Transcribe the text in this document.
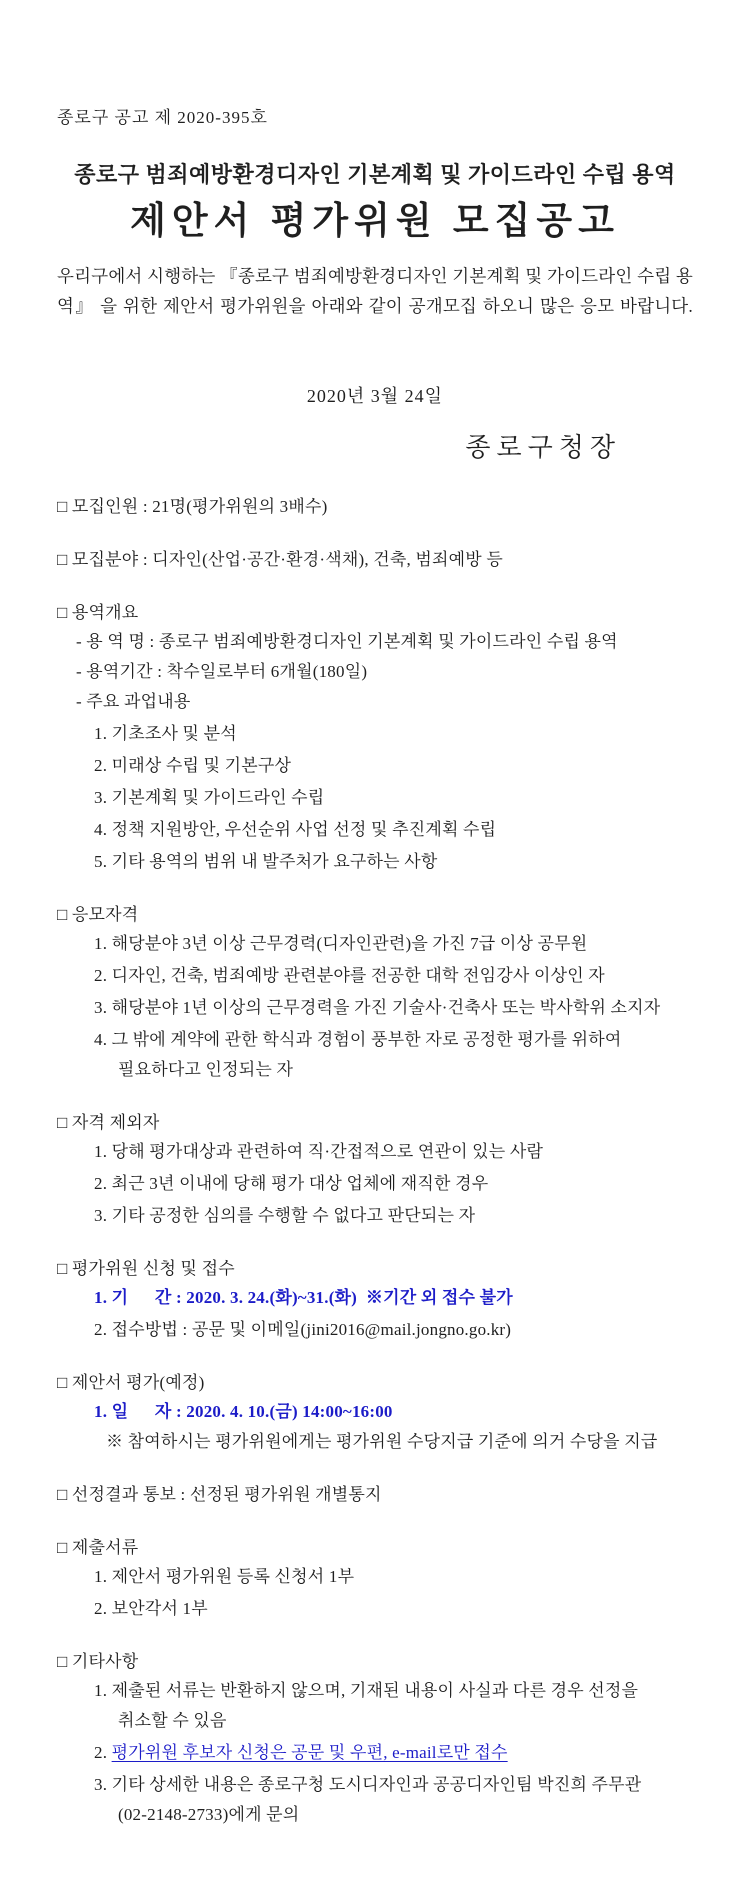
종로구 공고 제 2020-395호
종로구 범죄예방환경디자인 기본계획 및 가이드라인 수립 용역
제안서 평가위원 모집공고

우리구에서 시행하는 『종로구 범죄예방환경디자인 기본계획 및 가이드라인 수립 용역』 을 위한 제안서 평가위원을 아래와 같이 공개모집 하오니 많은 응모 바랍니다.

2020년 3월 24일
종로구청장
□ 모집인원 : 21명(평가위원의 3배수)
□ 모집분야 : 디자인(산업·공간·환경·색채), 건축, 범죄예방 등
□ 용역개요
- 용 역 명 : 종로구 범죄예방환경디자인 기본계획 및 가이드라인 수립 용역
- 용역기간 : 착수일로부터 6개월(180일)
- 주요 과업내용
1. 기초조사 및 분석
2. 미래상 수립 및 기본구상
3. 기본계획 및 가이드라인 수립
4. 정책 지원방안, 우선순위 사업 선정 및 추진계획 수립
5. 기타 용역의 범위 내 발주처가 요구하는 사항
□ 응모자격
1. 해당분야 3년 이상 근무경력(디자인관련)을 가진 7급 이상 공무원
2. 디자인, 건축, 범죄예방 관련분야를 전공한 대학 전임강사 이상인 자
3. 해당분야 1년 이상의 근무경력을 가진 기술사·건축사 또는 박사학위 소지자
4. 그 밖에 계약에 관한 학식과 경험이 풍부한 자로 공정한 평가를 위하여
필요하다고 인정되는 자
□ 자격 제외자
1. 당해 평가대상과 관련하여 직·간접적으로 연관이 있는 사람
2. 최근 3년 이내에 당해 평가 대상 업체에 재직한 경우
3. 기타 공정한 심의를 수행할 수 없다고 판단되는 자
□ 평가위원 신청 및 접수
1. 기      간 : 2020. 3. 24.(화)~31.(화)  ※기간 외 접수 불가
2. 접수방법 : 공문 및 이메일(jini2016@mail.jongno.go.kr)
□ 제안서 평가(예정)
1. 일      자 : 2020. 4. 10.(금) 14:00~16:00
※ 참여하시는 평가위원에게는 평가위원 수당지급 기준에 의거 수당을 지급
□ 선정결과 통보 : 선정된 평가위원 개별통지
□ 제출서류
1. 제안서 평가위원 등록 신청서 1부
2. 보안각서 1부
□ 기타사항
1. 제출된 서류는 반환하지 않으며, 기재된 내용이 사실과 다른 경우 선정을
취소할 수 있음
2. 평가위원 후보자 신청은 공문 및 우편, e-mail로만 접수
3. 기타 상세한 내용은 종로구청 도시디자인과 공공디자인팀 박진희 주무관
(02-2148-2733)에게 문의
